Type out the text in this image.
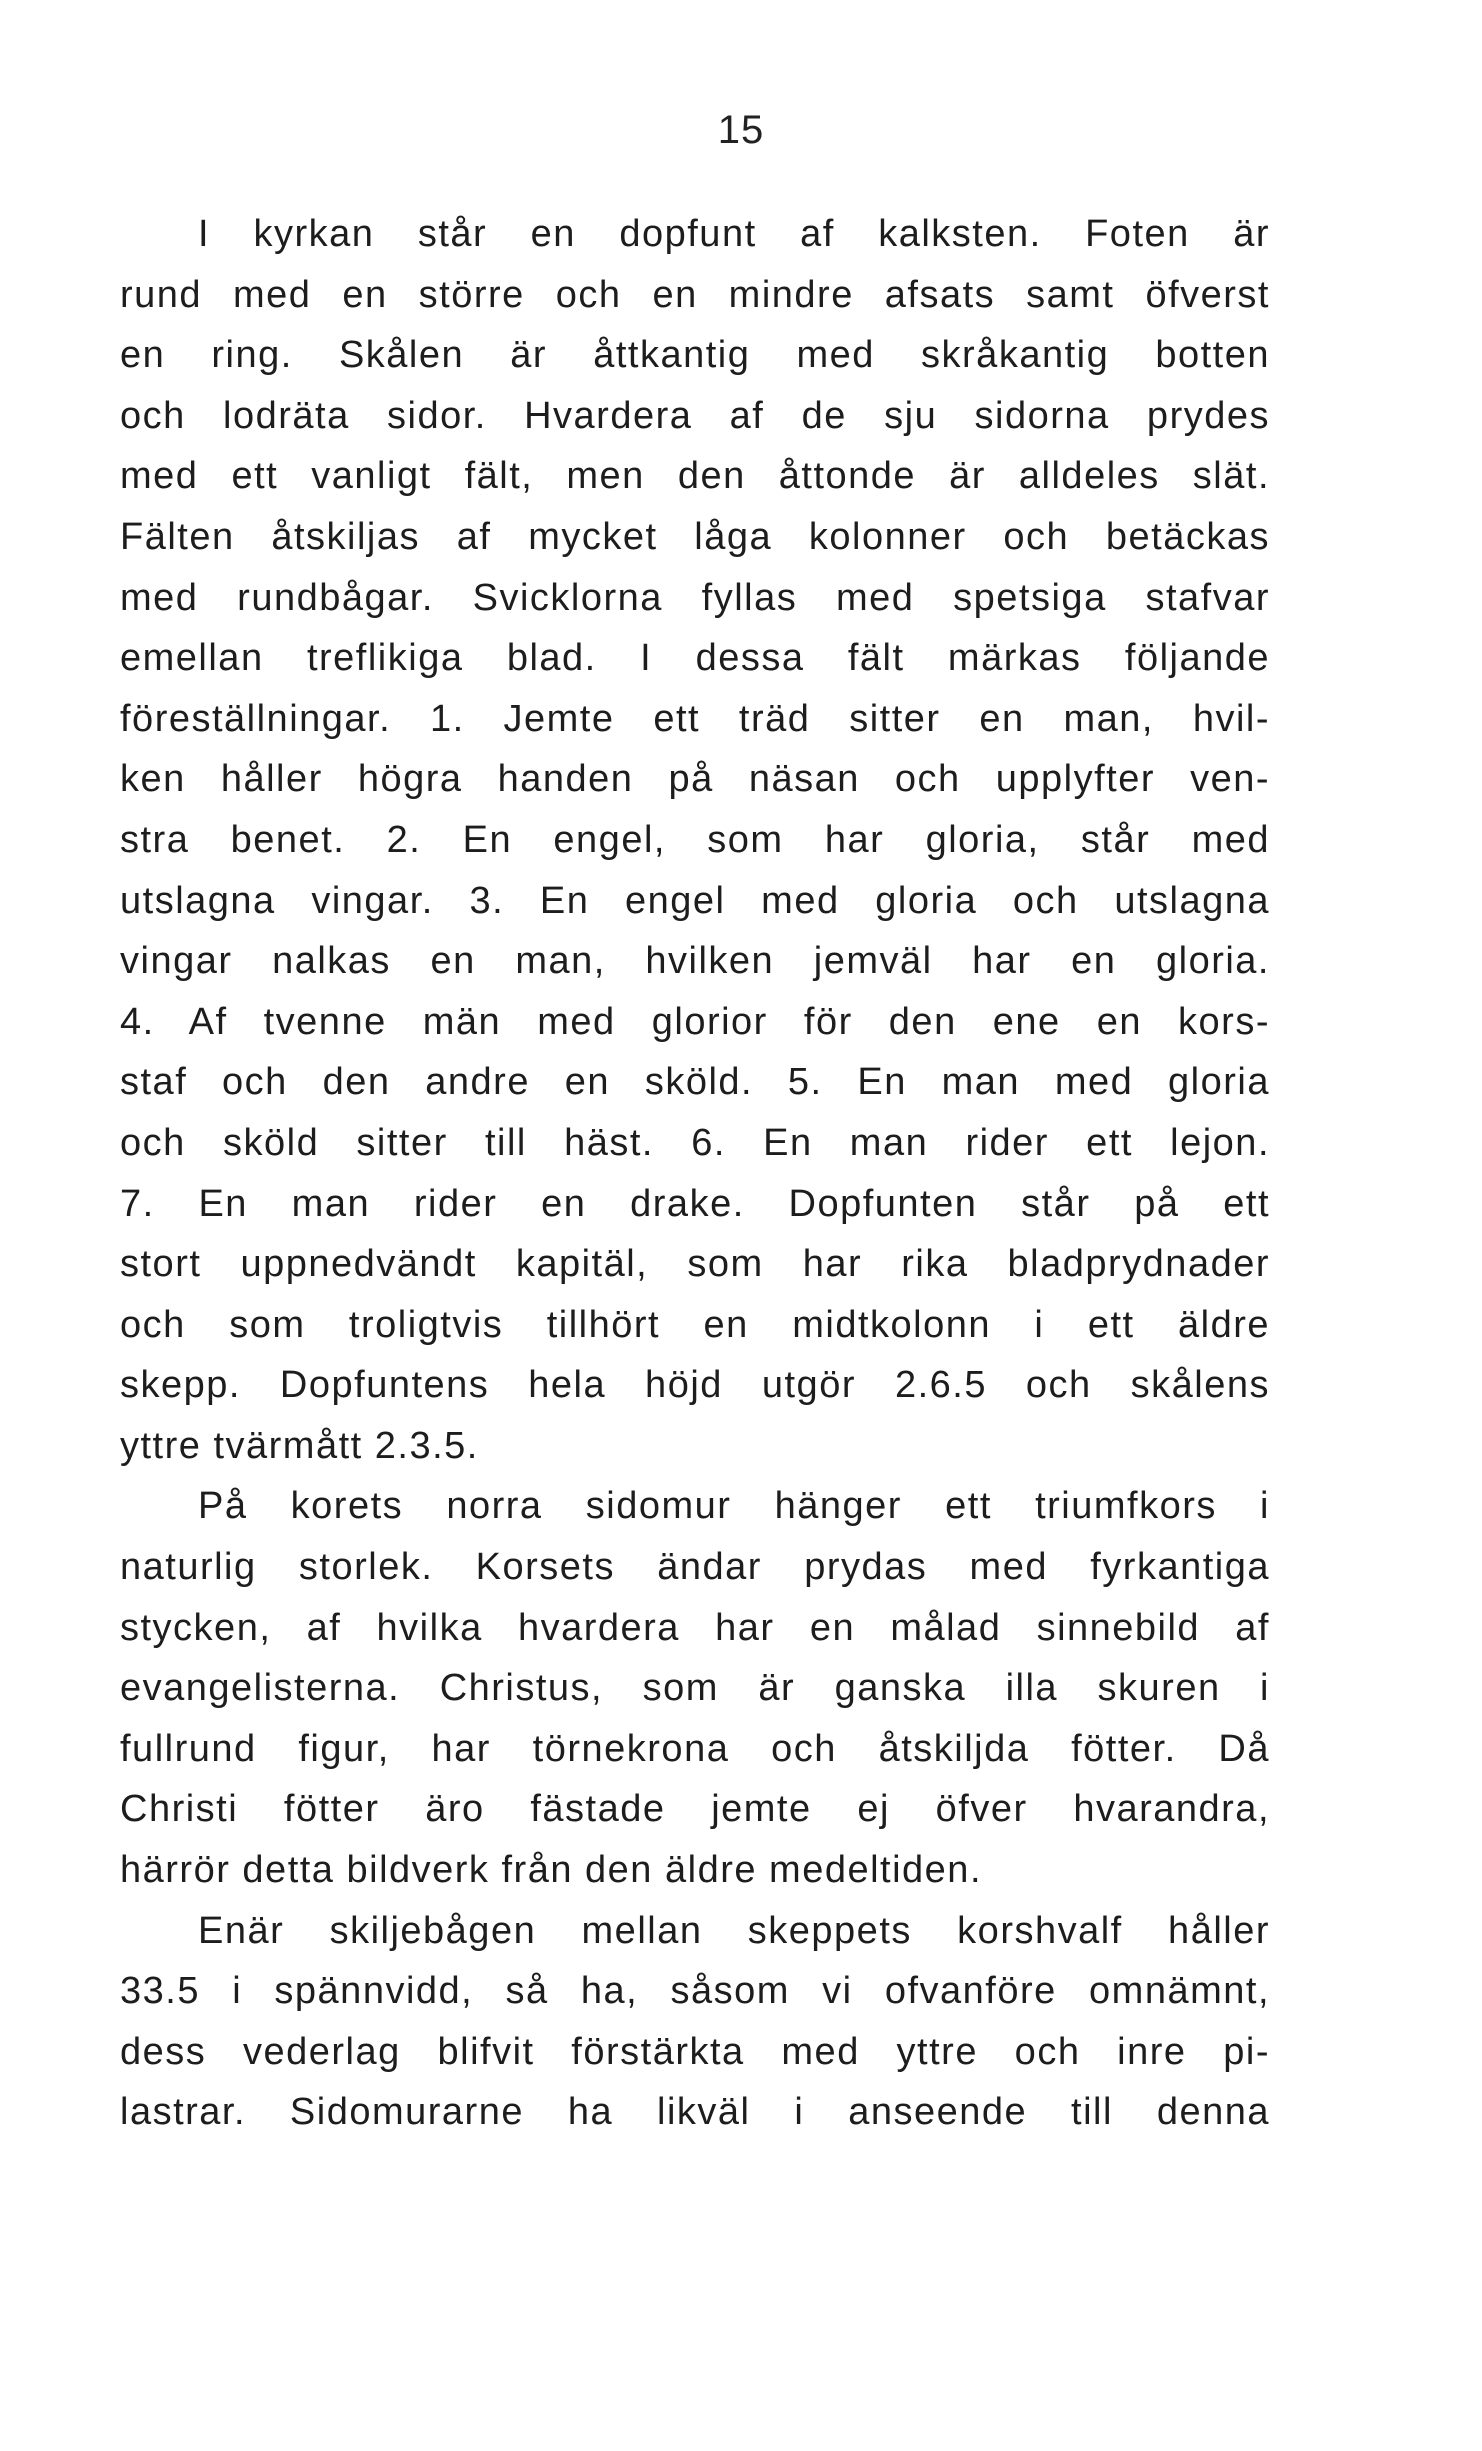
15
I kyrkan står en dopfunt af kalksten. Foten är
rund med en större och en mindre afsats samt öfverst
en ring. Skålen är åttkantig med skråkantig botten
och lodräta sidor. Hvardera af de sju sidorna prydes
med ett vanligt fält, men den åttonde är alldeles slät.
Fälten åtskiljas af mycket låga kolonner och betäckas
med rundbågar. Svicklorna fyllas med spetsiga stafvar
emellan treflikiga blad. I dessa fält märkas följande
föreställningar. 1. Jemte ett träd sitter en man, hvil-
ken håller högra handen på näsan och upplyfter ven-
stra benet. 2. En engel, som har gloria, står med
utslagna vingar. 3. En engel med gloria och utslagna
vingar nalkas en man, hvilken jemväl har en gloria.
4. Af tvenne män med glorior för den ene en kors-
staf och den andre en sköld. 5. En man med gloria
och sköld sitter till häst. 6. En man rider ett lejon.
7. En man rider en drake. Dopfunten står på ett
stort uppnedvändt kapitäl, som har rika bladprydnader
och som troligtvis tillhört en midtkolonn i ett äldre
skepp. Dopfuntens hela höjd utgör 2.6.5 och skålens
yttre tvärmått 2.3.5.
På korets norra sidomur hänger ett triumfkors i
naturlig storlek. Korsets ändar prydas med fyrkantiga
stycken, af hvilka hvardera har en målad sinnebild af
evangelisterna. Christus, som är ganska illa skuren i
fullrund figur, har törnekrona och åtskiljda fötter. Då
Christi fötter äro fästade jemte ej öfver hvarandra,
härrör detta bildverk från den äldre medeltiden.
Enär skiljebågen mellan skeppets korshvalf håller
33.5 i spännvidd, så ha, såsom vi ofvanföre omnämnt,
dess vederlag blifvit förstärkta med yttre och inre pi-
lastrar. Sidomurarne ha likväl i anseende till denna
